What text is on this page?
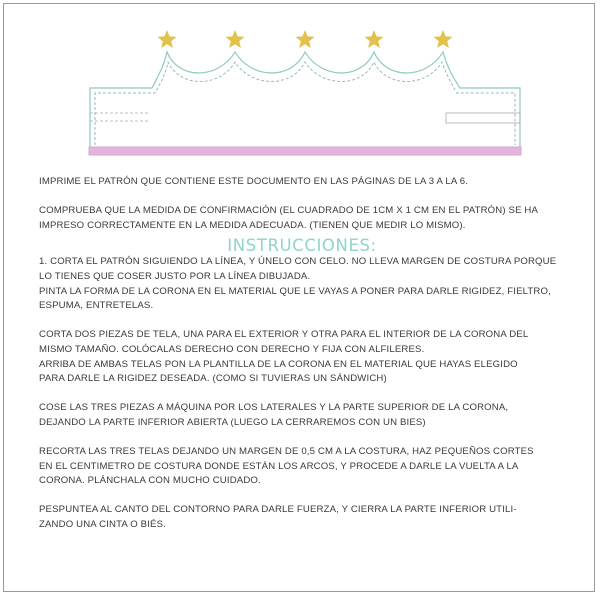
IMPRIME EL PATRÓN QUE CONTIENE ESTE DOCUMENTO EN LAS PÁGINAS DE LA 3 A LA 6.

COMPRUEBA QUE LA MEDIDA DE CONFIRMACIÓN (EL CUADRADO DE 1CM X 1 CM EN EL PATRÓN) SE HA
IMPRESO CORRECTAMENTE EN LA MEDIDA ADECUADA. (TIENEN QUE MEDIR LO MISMO).

INSTRUCCIONES:

1. CORTA EL PATRÓN SIGUIENDO LA LÍNEA, Y ÚNELO CON CELO. NO LLEVA MARGEN DE COSTURA PORQUE
LO TIENES QUE COSER JUSTO POR LA LÍNEA DIBUJADA.
PINTA LA FORMA DE LA CORONA EN EL MATERIAL QUE LE VAYAS A PONER PARA DARLE RIGIDEZ, FIELTRO,
ESPUMA, ENTRETELAS.

CORTA DOS PIEZAS DE TELA, UNA PARA EL EXTERIOR Y OTRA PARA EL INTERIOR DE LA CORONA DEL
MISMO TAMAÑO. COLÓCALAS DERECHO CON DERECHO Y FIJA CON ALFILERES.
ARRIBA DE AMBAS TELAS PON LA PLANTILLA DE LA CORONA EN EL MATERIAL QUE HAYAS ELEGIDO
PARA DARLE LA RIGIDEZ DESEADA. (COMO SI TUVIERAS UN SÁNDWICH)

COSE LAS TRES PIEZAS A MÁQUINA POR LOS LATERALES Y LA PARTE SUPERIOR DE LA CORONA,
DEJANDO LA PARTE INFERIOR ABIERTA (LUEGO LA CERRAREMOS CON UN BIES)

RECORTA LAS TRES TELAS DEJANDO UN MARGEN DE 0,5 CM A LA COSTURA, HAZ PEQUEÑOS CORTES
EN EL CENTIMETRO DE COSTURA DONDE ESTÁN LOS ARCOS, Y PROCEDE A DARLE LA VUELTA A LA
CORONA. PLÁNCHALA CON MUCHO CUIDADO.

PESPUNTEA AL CANTO DEL CONTORNO PARA DARLE FUERZA, Y CIERRA LA PARTE INFERIOR UTILI-
ZANDO UNA CINTA O BIÉS.
